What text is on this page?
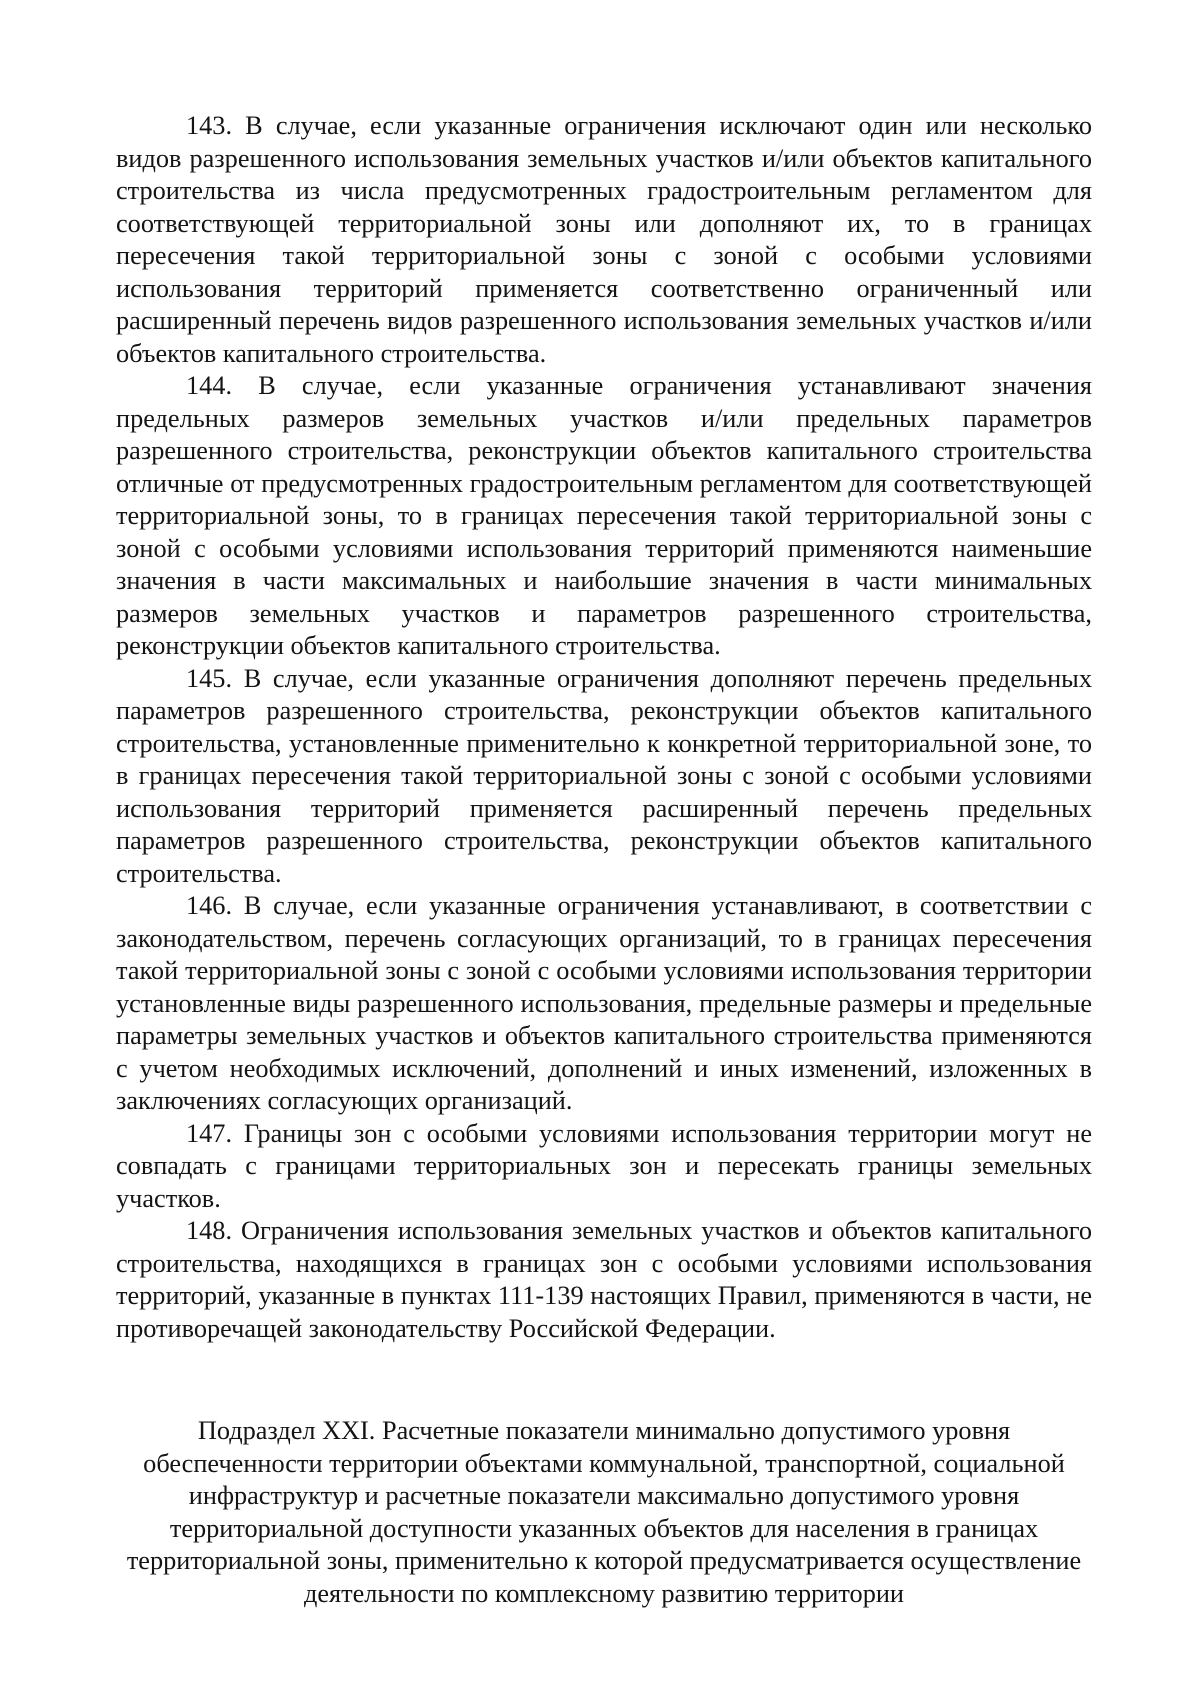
143. В случае, если указанные ограничения исключают один или несколько видов разрешенного использования земельных участков и/или объектов капитального строительства из числа предусмотренных градостроительным регламентом для соответствующей территориальной зоны или дополняют их, то в границах пересечения такой территориальной зоны с зоной с особыми условиями использования территорий применяется соответственно ограниченный или расширенный перечень видов разрешенного использования земельных участков и/или объектов капитального строительства.

144. В случае, если указанные ограничения устанавливают значения предельных размеров земельных участков и/или предельных параметров разрешенного строительства, реконструкции объектов капитального строительства отличные от предусмотренных градостроительным регламентом для соответствующей территориальной зоны, то в границах пересечения такой территориальной зоны с зоной с особыми условиями использования территорий применяются наименьшие значения в части максимальных и наибольшие значения в части минимальных размеров земельных участков и параметров разрешенного строительства, реконструкции объектов капитального строительства.

145. В случае, если указанные ограничения дополняют перечень предельных параметров разрешенного строительства, реконструкции объектов капитального строительства, установленные применительно к конкретной территориальной зоне, то в границах пересечения такой территориальной зоны с зоной с особыми условиями использования территорий применяется расширенный перечень предельных параметров разрешенного строительства, реконструкции объектов капитального строительства.

146. В случае, если указанные ограничения устанавливают, в соответствии с законодательством, перечень согласующих организаций, то в границах пересечения такой территориальной зоны с зоной с особыми условиями использования территории установленные виды разрешенного использования, предельные размеры и предельные параметры земельных участков и объектов капитального строительства применяются с учетом необходимых исключений, дополнений и иных изменений, изложенных в заключениях согласующих организаций.

147. Границы зон с особыми условиями использования территории могут не совпадать с границами территориальных зон и пересекать границы земельных участков.

148. Ограничения использования земельных участков и объектов капитального строительства, находящихся в границах зон с особыми условиями использования территорий, указанные в пунктах 111-139 настоящих Правил, применяются в части, не противоречащей законодательству Российской Федерации.

Подраздел XXI. Расчетные показатели минимально допустимого уровня
обеспеченности территории объектами коммунальной, транспортной, социальной
инфраструктур и расчетные показатели максимально допустимого уровня
территориальной доступности указанных объектов для населения в границах
территориальной зоны, применительно к которой предусматривается осуществление
деятельности по комплексному развитию территории
